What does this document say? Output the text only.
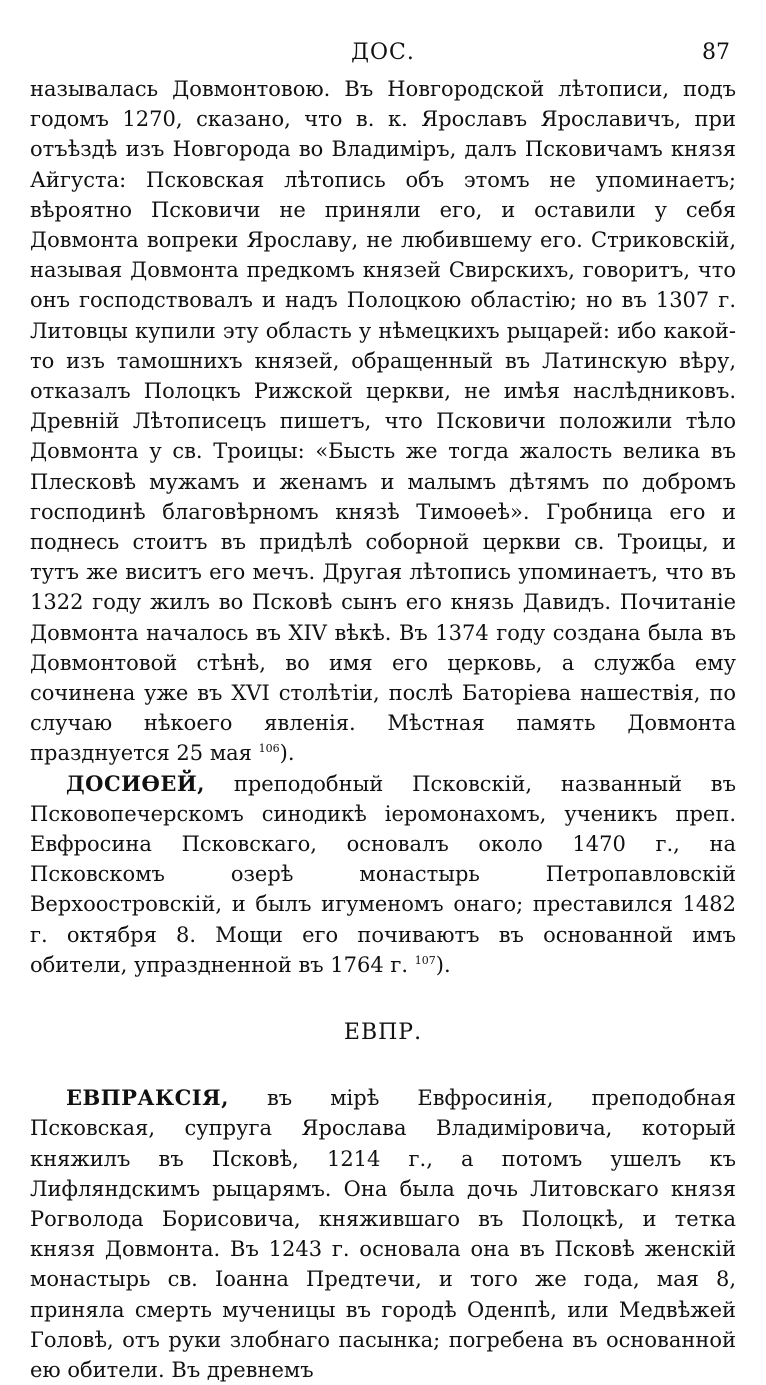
ДОС.	87

называлась Довмонтовою. Въ Новгородской лѣтописи, подъ годомъ 1270, сказано, что в. к. Ярославъ Ярославичъ, при отъѣздѣ изъ Новгорода во Владиміръ, далъ Псковичамъ князя Айгуста: Псковская лѣтопись объ этомъ не упоминаетъ; вѣроятно Псковичи не приняли его, и оставили у себя Довмонта вопреки Ярославу, не любившему его. Стриковскій, называя Довмонта предкомъ князей Свирскихъ, говоритъ, что онъ господствовалъ и надъ Полоцкою областію; но въ 1307 г. Литовцы купили эту область у нѣмецкихъ рыцарей: ибо какой-то изъ тамошнихъ князей, обращенный въ Латинскую вѣру, отказалъ Полоцкъ Рижской церкви, не имѣя наслѣдниковъ. Древній Лѣтописецъ пишетъ, что Псковичи положили тѣло Довмонта у св. Троицы: «Бысть же тогда жалость велика въ Плесковѣ мужамъ и женамъ и малымъ дѣтямъ по добромъ господинѣ благовѣрномъ князѣ Тимоѳеѣ». Гробница его и поднесь стоитъ въ придѣлѣ соборной церкви св. Троицы, и тутъ же виситъ его мечъ. Другая лѣтопись упоминаетъ, что въ 1322 году жилъ во Псковѣ сынъ его князь Давидъ. Почитаніе Довмонта началось въ XIV вѣкѣ. Въ 1374 году создана была въ Довмонтовой стѣнѣ, во имя его церковь, а служба ему сочинена уже въ XVI столѣтіи, послѣ Баторіева нашествія, по случаю нѣкоего явленія. Мѣстная память Довмонта празднуется 25 мая $^{106}$).

ДОСИѲЕЙ, преподобный Псковскій, названный въ Псковопечерскомъ синодикѣ іеромонахомъ, ученикъ преп. Евфросина Псковскаго, основалъ около 1470 г., на Псковскомъ озерѣ монастырь Петропавловскій Верхоостровскій, и былъ игуменомъ онаго; преставился 1482 г. октября 8. Мощи его почиваютъ въ основанной имъ обители, упраздненной въ 1764 г. $^{107}$).

ЕВПР.

ЕВПРАКСІЯ, въ мірѣ Евфросинія, преподобная Псковская, супруга Ярослава Владиміровича, который княжилъ въ Псковѣ, 1214 г., а потомъ ушелъ къ Лифляндскимъ рыцарямъ. Она была дочь Литовскаго князя Рогволода Борисовича, княжившаго въ Полоцкѣ, и тетка князя Довмонта. Въ 1243 г. основала она въ Псковѣ женскій монастырь св. Іоанна Предтечи, и того же года, мая 8, приняла смерть мученицы въ городѣ Оденпѣ, или Медвѣжей Головѣ, отъ руки злобнаго пасынка; погребена въ основанной ею обители. Въ древнемъ
